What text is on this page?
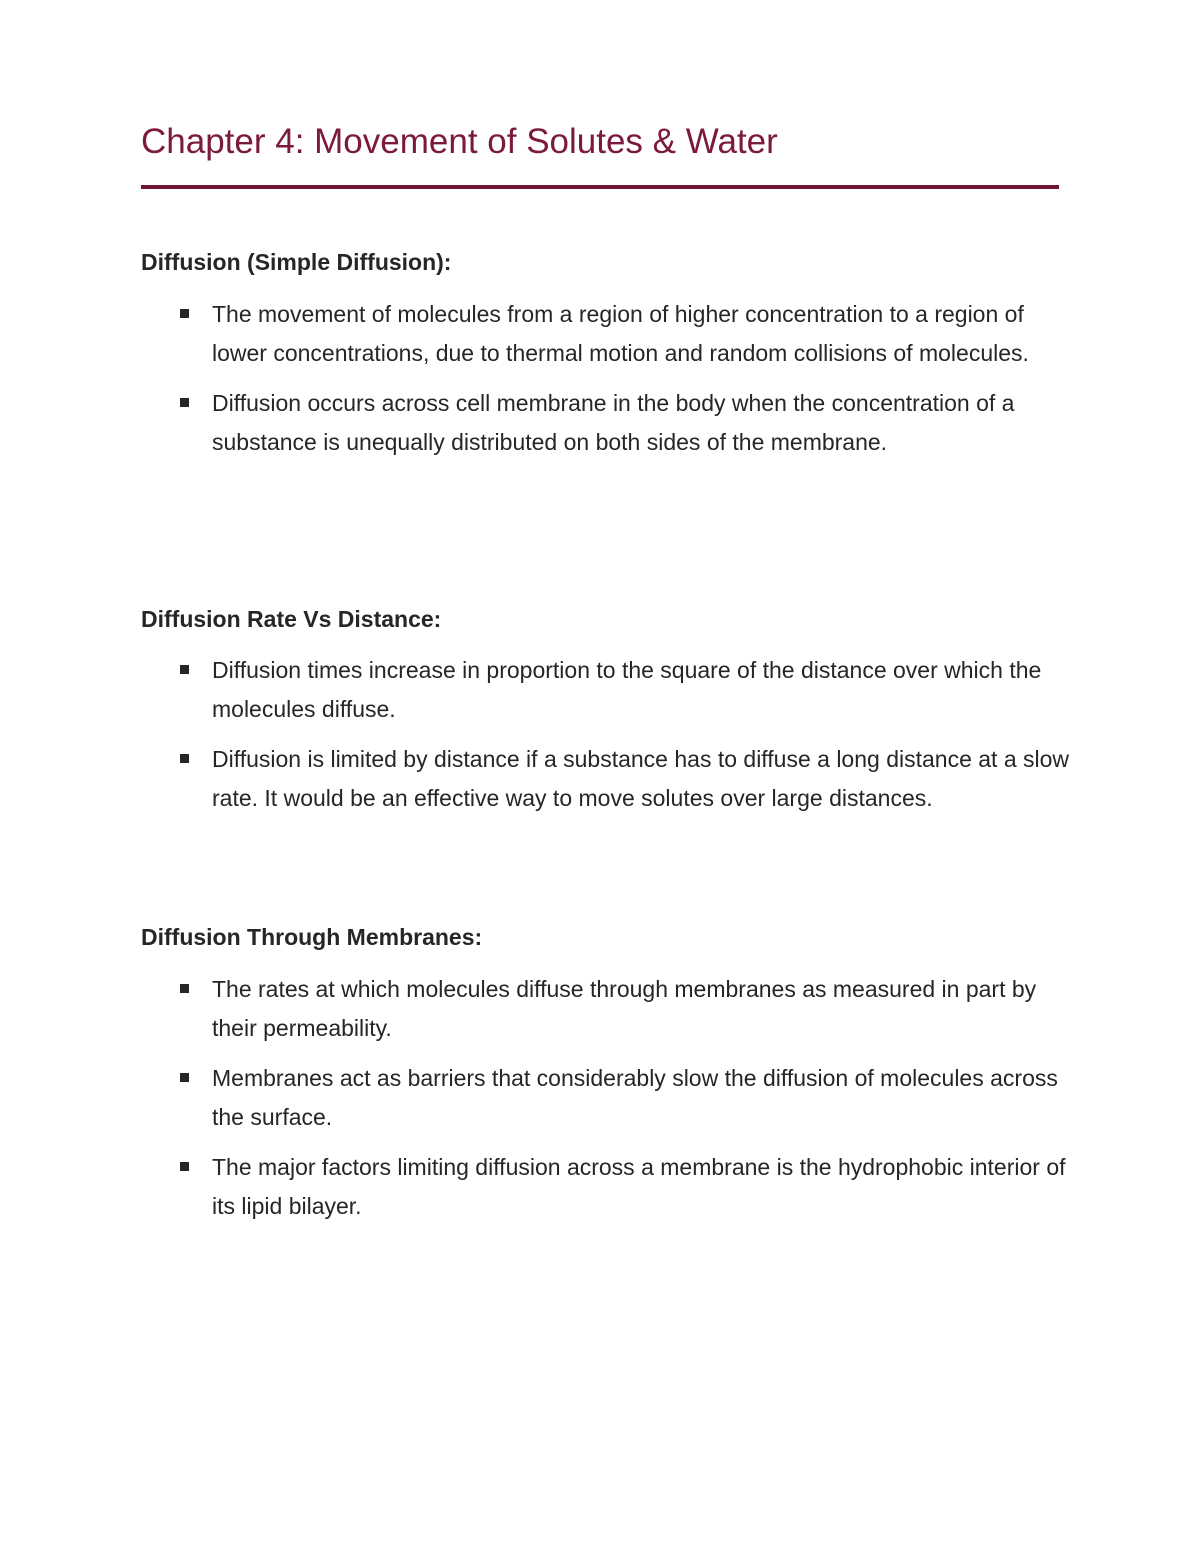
Chapter 4: Movement of Solutes & Water
Diffusion (Simple Diffusion):
The movement of molecules from a region of higher concentration to a region of lower concentrations, due to thermal motion and random collisions of molecules.
Diffusion occurs across cell membrane in the body when the concentration of a substance is unequally distributed on both sides of the membrane.
Diffusion Rate Vs Distance:
Diffusion times increase in proportion to the square of the distance over which the molecules diffuse.
Diffusion is limited by distance if a substance has to diffuse a long distance at a slow rate. It would be an effective way to move solutes over large distances.
Diffusion Through Membranes:
The rates at which molecules diffuse through membranes as measured in part by their permeability.
Membranes act as barriers that considerably slow the diffusion of molecules across the surface.
The major factors limiting diffusion across a membrane is the hydrophobic interior of its lipid bilayer.
